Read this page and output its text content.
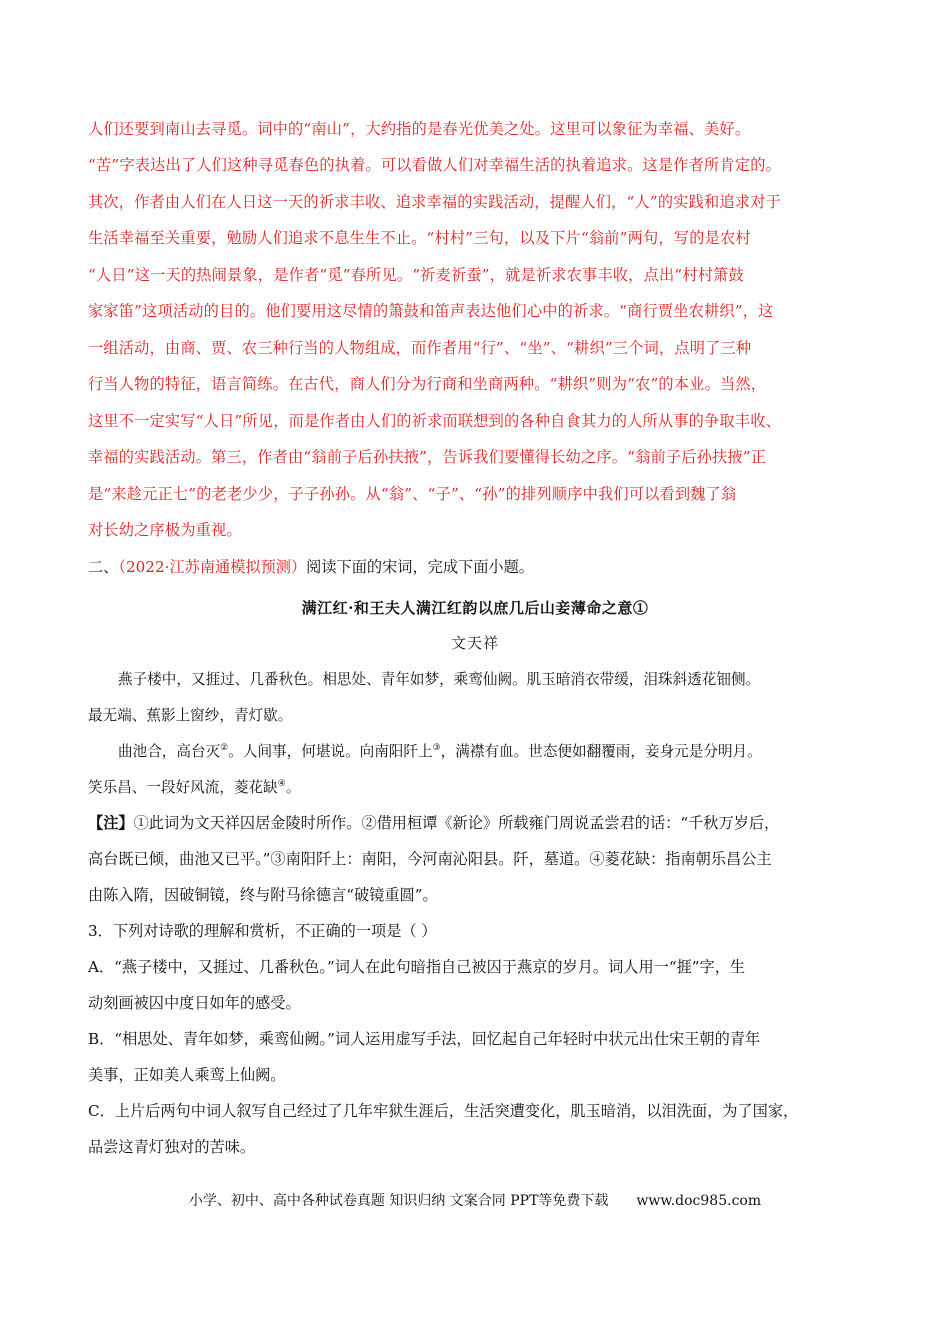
人们还要到南山去寻觅。词中的“南山”，大约指的是春光优美之处。这里可以象征为幸福、美好。
“苦”字表达出了人们这种寻觅春色的执着。可以看做人们对幸福生活的执着追求。这是作者所肯定的。
其次，作者由人们在人日这一天的祈求丰收、追求幸福的实践活动，提醒人们，“人”的实践和追求对于
生活幸福至关重要，勉励人们追求不息生生不止。“村村”三句，以及下片“翁前”两句，写的是农村
“人日”这一天的热闹景象，是作者“觅”春所见。“祈麦祈蚕”，就是祈求农事丰收，点出“村村箫鼓
家家笛”这项活动的目的。他们要用这尽情的箫鼓和笛声表达他们心中的祈求。“商行贾坐农耕织”，这
一组活动，由商、贾、农三种行当的人物组成，而作者用“行”、“坐”、“耕织”三个词，点明了三种
行当人物的特征，语言简练。在古代，商人们分为行商和坐商两种。“耕织”则为“农”的本业。当然，
这里不一定实写“人日”所见，而是作者由人们的祈求而联想到的各种自食其力的人所从事的争取丰收、
幸福的实践活动。第三，作者由“翁前子后孙扶掖”，告诉我们要懂得长幼之序。“翁前子后孙扶掖”正
是“来趁元正七”的老老少少，子子孙孙。从“翁”、“子”、“孙”的排列顺序中我们可以看到魏了翁
对长幼之序极为重视。
二、（2022·江苏南通模拟预测）阅读下面的宋词，完成下面小题。
满江红·和王夫人满江红韵以庶几后山妾薄命之意①
文天祥
燕子楼中，又捱过、几番秋色。相思处、青年如梦，乘鸾仙阙。肌玉暗消衣带缓，泪珠斜透花钿侧。
最无端、蕉影上窗纱，青灯歇。
曲池合，高台灭②。人间事，何堪说。向南阳阡上③，满襟有血。世态便如翻覆雨，妾身元是分明月。
笑乐昌、一段好风流，菱花缺④。
【注】①此词为文天祥囚居金陵时所作。②借用桓谭《新论》所载雍门周说孟尝君的话：“千秋万岁后，
高台既已倾，曲池又已平。”③南阳阡上：南阳，今河南沁阳县。阡，墓道。④菱花缺：指南朝乐昌公主
由陈入隋，因破铜镜，终与附马徐德言“破镜重圆”。
3．下列对诗歌的理解和赏析，不正确的一项是（ ）
A．“燕子楼中，又捱过、几番秋色。”词人在此句暗指自己被囚于燕京的岁月。词人用一“捱”字，生
动刻画被囚中度日如年的感受。
B．“相思处、青年如梦，乘鸾仙阙。”词人运用虚写手法，回忆起自己年轻时中状元出仕宋王朝的青年
美事，正如美人乘鸾上仙阙。
C．上片后两句中词人叙写自己经过了几年牢狱生涯后，生活突遭变化，肌玉暗消，以泪洗面，为了国家，
品尝这青灯独对的苦味。
小学、初中、高中各种试卷真题 知识归纳 文案合同 PPT等免费下载 www.doc985.com
